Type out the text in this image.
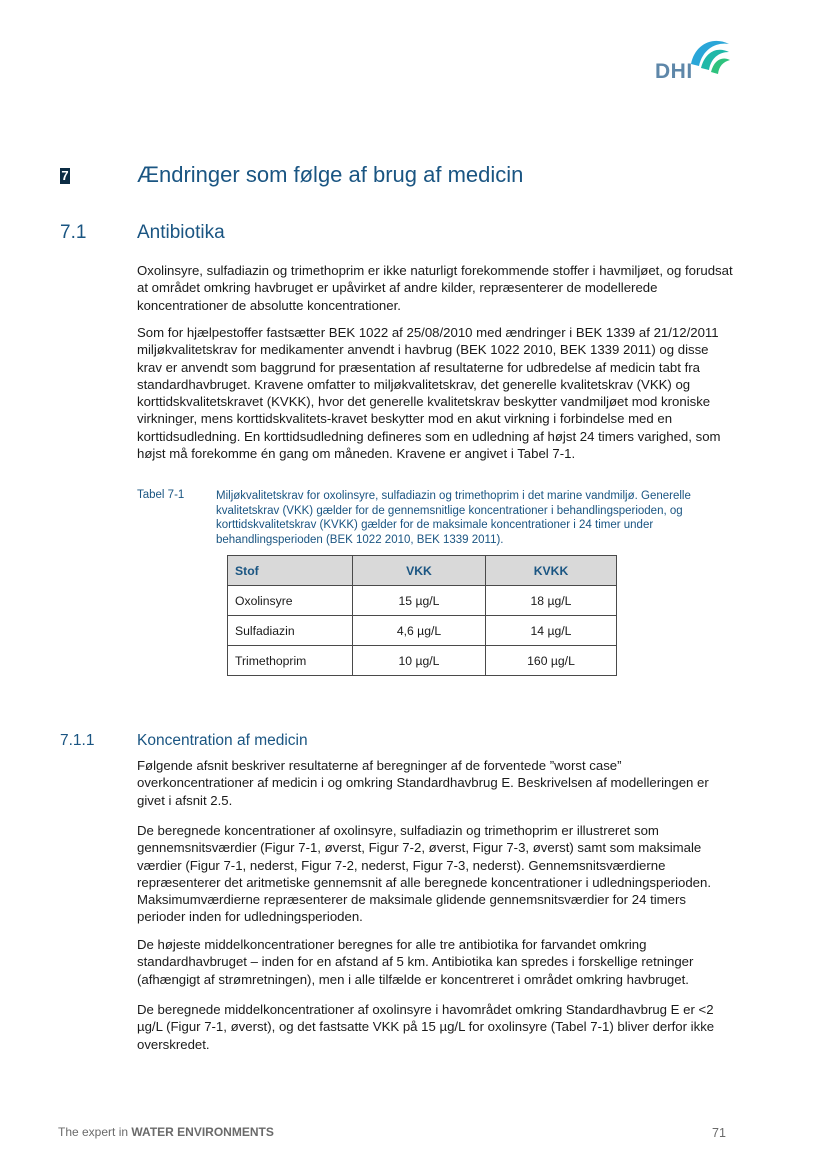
DHI
7	Ændringer som følge af brug af medicin
7.1	Antibiotika
Oxolinsyre, sulfadiazin og trimethoprim er ikke naturligt forekommende stoffer i havmiljøet, og forudsat at området omkring havbruget er upåvirket af andre kilder, repræsenterer de modellerede koncentrationer de absolutte koncentrationer.
Som for hjælpestoffer fastsætter BEK 1022 af 25/08/2010 med ændringer i BEK 1339 af 21/12/2011 miljøkvalitetskrav for medikamenter anvendt i havbrug (BEK 1022 2010, BEK 1339 2011) og disse krav er anvendt som baggrund for præsentation af resultaterne for udbredelse af medicin tabt fra standardhavbruget. Kravene omfatter to miljøkvalitetskrav, det generelle kvalitetskrav (VKK) og korttidskvalitetskravet (KVKK), hvor det generelle kvalitetskrav beskytter vandmiljøet mod kroniske virkninger, mens korttidskvalitets-kravet beskytter mod en akut virkning i forbindelse med en korttidsudledning. En korttidsudledning defineres som en udledning af højst 24 timers varighed, som højst må forekomme én gang om måneden. Kravene er angivet i Tabel 7-1.
Tabel 7-1	Miljøkvalitetskrav for oxolinsyre, sulfadiazin og trimethoprim i det marine vandmiljø. Generelle kvalitetskrav (VKK) gælder for de gennemsnitlige koncentrationer i behandlingsperioden, og korttidskvalitetskrav (KVKK) gælder for de maksimale koncentrationer i 24 timer under behandlingsperioden (BEK 1022 2010, BEK 1339 2011).
Stof	VKK	KVKK
Oxolinsyre	15 µg/L	18 µg/L
Sulfadiazin	4,6 µg/L	14 µg/L
Trimethoprim	10 µg/L	160 µg/L
7.1.1	Koncentration af medicin
Følgende afsnit beskriver resultaterne af beregninger af de forventede ”worst case” overkoncentrationer af medicin i og omkring Standardhavbrug E. Beskrivelsen af modelleringen er givet i afsnit 2.5.
De beregnede koncentrationer af oxolinsyre, sulfadiazin og trimethoprim er illustreret som gennemsnitsværdier (Figur 7-1, øverst, Figur 7-2, øverst, Figur 7-3, øverst) samt som maksimale værdier (Figur 7-1, nederst, Figur 7-2, nederst, Figur 7-3, nederst). Gennemsnitsværdierne repræsenterer det aritmetiske gennemsnit af alle beregnede koncentrationer i udledningsperioden. Maksimumværdierne repræsenterer de maksimale glidende gennemsnitsværdier for 24 timers perioder inden for udledningsperioden.
De højeste middelkoncentrationer beregnes for alle tre antibiotika for farvandet omkring standardhavbruget – inden for en afstand af 5 km. Antibiotika kan spredes i forskellige retninger (afhængigt af strømretningen), men i alle tilfælde er koncentreret i området omkring havbruget.
De beregnede middelkoncentrationer af oxolinsyre i havområdet omkring Standardhavbrug E er <2 µg/L (Figur 7-1, øverst), og det fastsatte VKK på 15 µg/L for oxolinsyre (Tabel 7-1) bliver derfor ikke overskredet.
The expert in WATER ENVIRONMENTS	71
